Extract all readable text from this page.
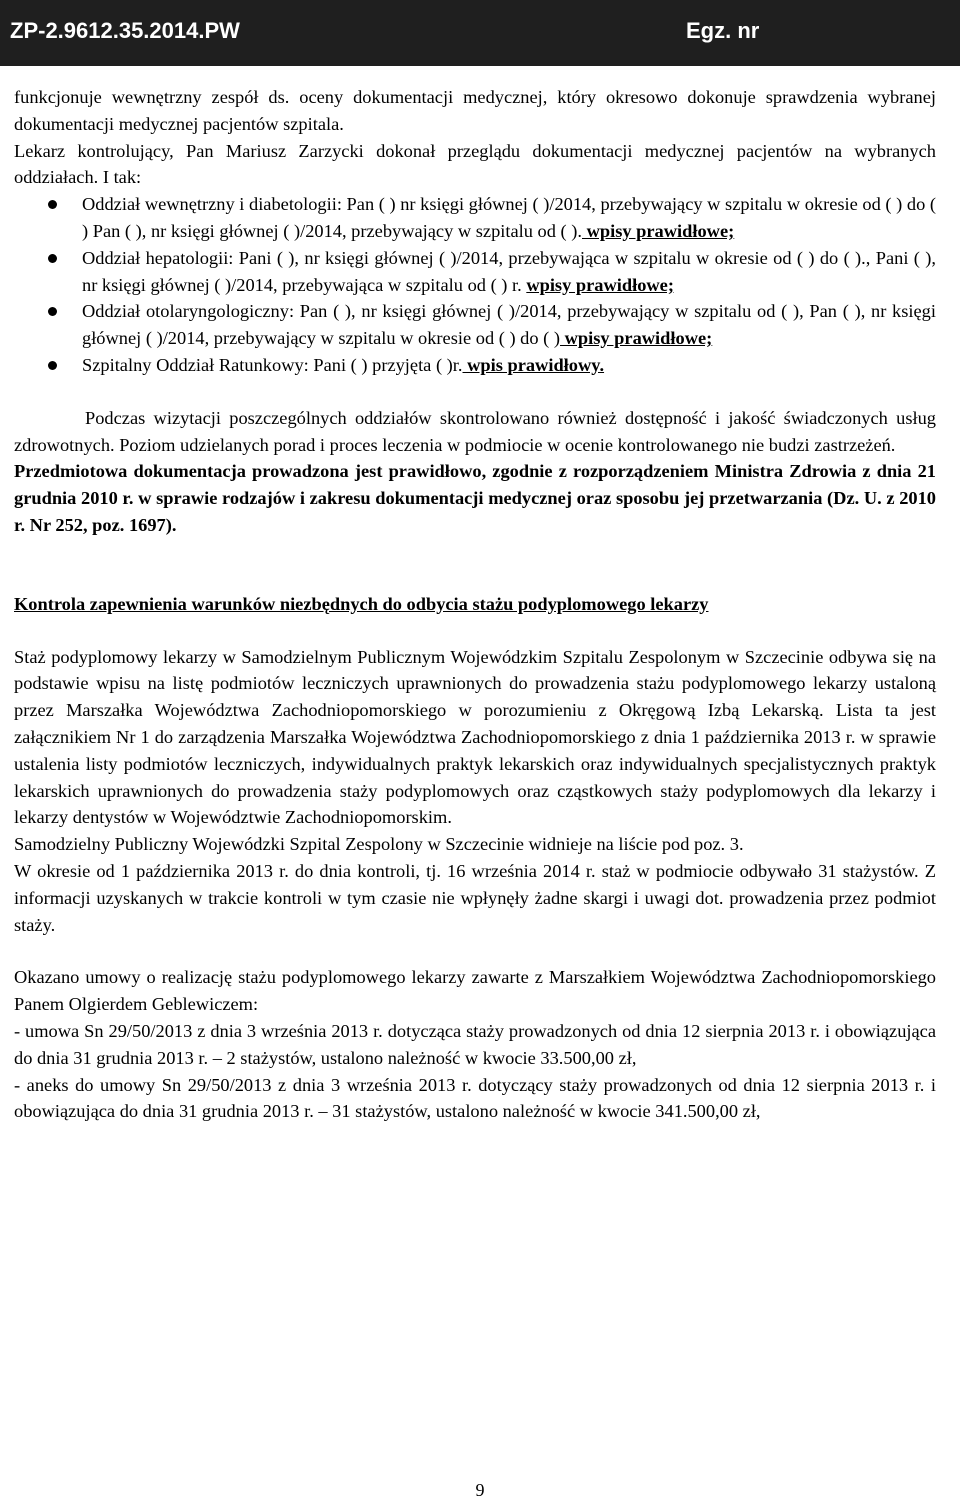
ZP-2.9612.35.2014.PW	Egz. nr

funkcjonuje wewnętrzny zespół ds. oceny dokumentacji medycznej, który okresowo dokonuje sprawdzenia wybranej dokumentacji medycznej pacjentów szpitala.

Lekarz kontrolujący, Pan Mariusz Zarzycki dokonał przeglądu dokumentacji medycznej pacjentów na wybranych oddziałach. I tak:

Oddział wewnętrzny i diabetologii: Pan ( ) nr księgi głównej ( )/2014, przebywający w szpitalu w okresie od ( ) do ( ) Pan ( ), nr księgi głównej ( )/2014, przebywający w szpitalu od ( ). wpisy prawidłowe;
Oddział hepatologii: Pani ( ), nr księgi głównej ( )/2014, przebywająca w szpitalu w okresie od ( ) do ( )., Pani ( ), nr księgi głównej ( )/2014, przebywająca w szpitalu od ( ) r. wpisy prawidłowe;
Oddział otolaryngologiczny: Pan ( ), nr księgi głównej ( )/2014, przebywający w szpitalu od ( ), Pan ( ), nr księgi głównej ( )/2014, przebywający w szpitalu w okresie od ( ) do ( ) wpisy prawidłowe;
Szpitalny Oddział Ratunkowy: Pani ( ) przyjęta ( )r. wpis prawidłowy.

Podczas wizytacji poszczególnych oddziałów skontrolowano również dostępność i jakość świadczonych usług zdrowotnych. Poziom udzielanych porad i proces leczenia w podmiocie w ocenie kontrolowanego nie budzi zastrzeżeń.

Przedmiotowa dokumentacja prowadzona jest prawidłowo, zgodnie z rozporządzeniem Ministra Zdrowia z dnia 21 grudnia 2010 r. w sprawie rodzajów i zakresu dokumentacji medycznej oraz sposobu jej przetwarzania (Dz. U. z 2010 r. Nr 252, poz. 1697).

Kontrola zapewnienia warunków niezbędnych do odbycia stażu podyplomowego lekarzy

Staż podyplomowy lekarzy w Samodzielnym Publicznym Wojewódzkim Szpitalu Zespolonym w Szczecinie odbywa się na podstawie wpisu na listę podmiotów leczniczych uprawnionych do prowadzenia stażu podyplomowego lekarzy ustaloną przez Marszałka Województwa Zachodniopomorskiego w porozumieniu z Okręgową Izbą Lekarską. Lista ta jest załącznikiem Nr 1 do zarządzenia Marszałka Województwa Zachodniopomorskiego z dnia 1 października 2013 r. w sprawie ustalenia listy podmiotów leczniczych, indywidualnych praktyk lekarskich oraz indywidualnych specjalistycznych praktyk lekarskich uprawnionych do prowadzenia staży podyplomowych oraz cząstkowych staży podyplomowych dla lekarzy i lekarzy dentystów w Województwie Zachodniopomorskim.

Samodzielny Publiczny Wojewódzki Szpital Zespolony w Szczecinie widnieje na liście pod poz. 3.

W okresie od 1 października 2013 r. do dnia kontroli, tj. 16 września 2014 r. staż w podmiocie odbywało 31 stażystów. Z informacji uzyskanych w trakcie kontroli w tym czasie nie wpłynęły żadne skargi i uwagi dot. prowadzenia przez podmiot staży.

Okazano umowy o realizację stażu podyplomowego lekarzy zawarte z Marszałkiem Województwa Zachodniopomorskiego Panem Olgierdem Geblewiczem:

- umowa Sn 29/50/2013 z dnia 3 września 2013 r. dotycząca staży prowadzonych od dnia 12 sierpnia 2013 r. i obowiązująca do dnia 31 grudnia 2013 r. – 2 stażystów, ustalono należność w kwocie 33.500,00 zł,

- aneks do umowy Sn 29/50/2013 z dnia 3 września 2013 r. dotyczący staży prowadzonych od dnia 12 sierpnia 2013 r. i obowiązująca do dnia 31 grudnia 2013 r. – 31 stażystów, ustalono należność w kwocie 341.500,00 zł,

9
